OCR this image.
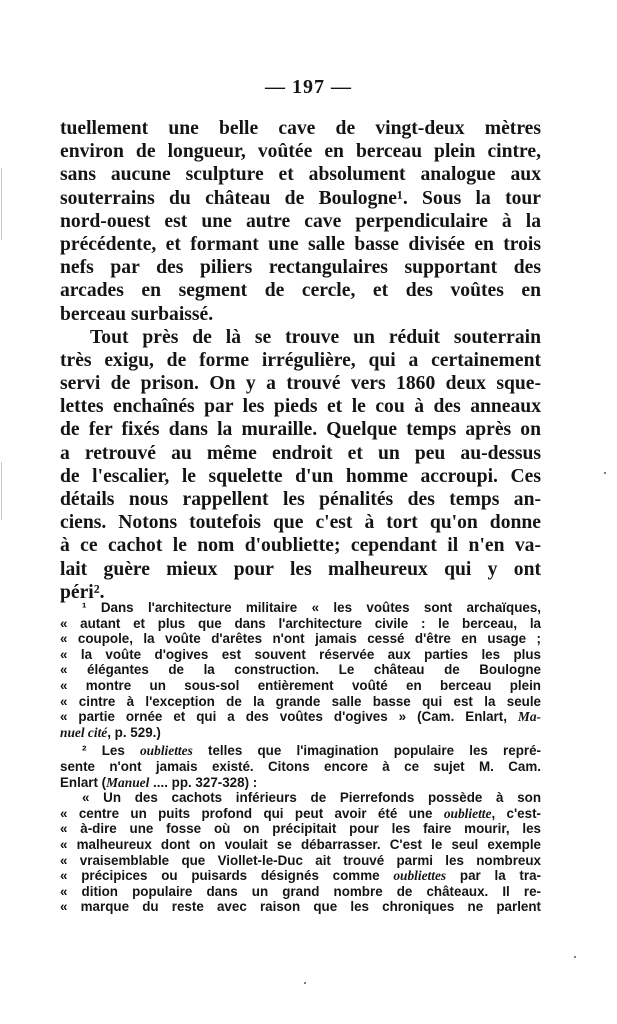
— 197 —
tuellement une belle cave de vingt-deux mètres
environ de longueur, voûtée en berceau plein cintre,
sans aucune sculpture et absolument analogue aux
souterrains du château de Boulogne¹. Sous la tour
nord-ouest est une autre cave perpendiculaire à la
précédente, et formant une salle basse divisée en trois
nefs par des piliers rectangulaires supportant des
arcades en segment de cercle, et des voûtes en
berceau surbaissé.
Tout près de là se trouve un réduit souterrain
très exigu, de forme irrégulière, qui a certainement
servi de prison. On y a trouvé vers 1860 deux sque-
lettes enchaînés par les pieds et le cou à des anneaux
de fer fixés dans la muraille. Quelque temps après on
a retrouvé au même endroit et un peu au-dessus
de l'escalier, le squelette d'un homme accroupi. Ces
détails nous rappellent les pénalités des temps an-
ciens. Notons toutefois que c'est à tort qu'on donne
à ce cachot le nom d'oubliette; cependant il n'en va-
lait guère mieux pour les malheureux qui y ont
péri².
¹ Dans l'architecture militaire « les voûtes sont archaïques,
« autant et plus que dans l'architecture civile : le berceau, la
« coupole, la voûte d'arêtes n'ont jamais cessé d'être en usage ;
« la voûte d'ogives est souvent réservée aux parties les plus
« élégantes de la construction. Le château de Boulogne
« montre un sous-sol entièrement voûté en berceau plein
« cintre à l'exception de la grande salle basse qui est la seule
« partie ornée et qui a des voûtes d'ogives » (Cam. Enlart, Ma-
nuel cité, p. 529.)
² Les oubliettes telles que l'imagination populaire les repré-
sente n'ont jamais existé. Citons encore à ce sujet M. Cam.
Enlart (Manuel .... pp. 327-328) :
« Un des cachots inférieurs de Pierrefonds possède à son
« centre un puits profond qui peut avoir été une oubliette, c'est-
« à-dire une fosse où on précipitait pour les faire mourir, les
« malheureux dont on voulait se débarrasser. C'est le seul exemple
« vraisemblable que Viollet-le-Duc ait trouvé parmi les nombreux
« précipices ou puisards désignés comme oubliettes par la tra-
« dition populaire dans un grand nombre de châteaux. Il re-
« marque du reste avec raison que les chroniques ne parlent
